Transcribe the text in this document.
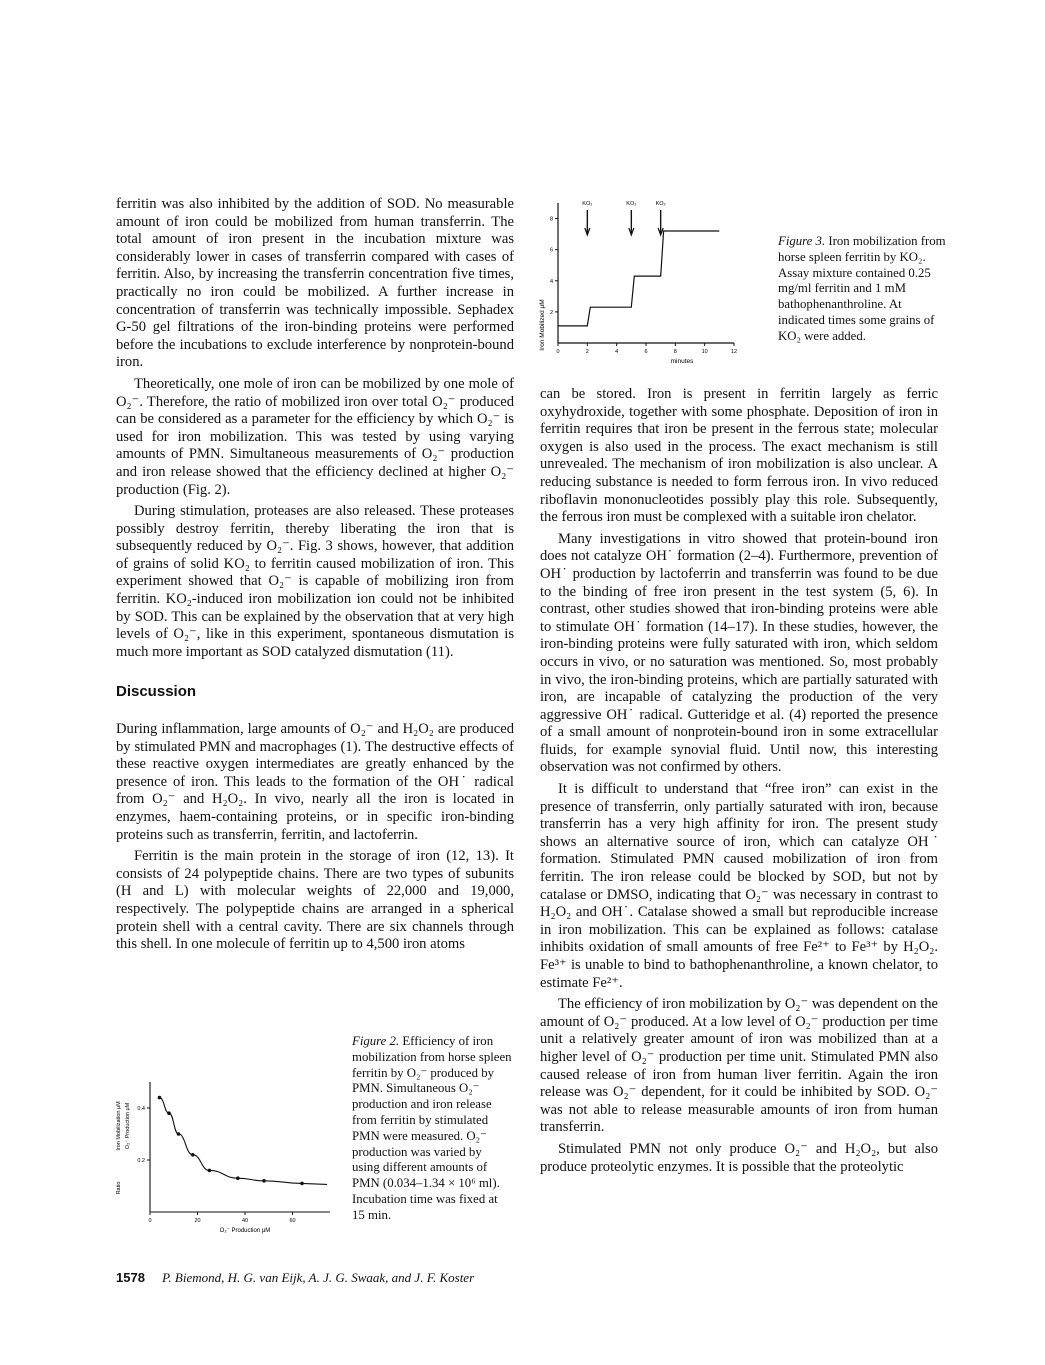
ferritin was also inhibited by the addition of SOD. No measurable amount of iron could be mobilized from human transferrin. The total amount of iron present in the incubation mixture was considerably lower in cases of transferrin compared with cases of ferritin. Also, by increasing the transferrin concentration five times, practically no iron could be mobilized. A further increase in concentration of transferrin was technically impossible. Sephadex G-50 gel filtrations of the iron-binding proteins were performed before the incubations to exclude interference by nonprotein-bound iron.

Theoretically, one mole of iron can be mobilized by one mole of O₂⁻. Therefore, the ratio of mobilized iron over total O₂⁻ produced can be considered as a parameter for the efficiency by which O₂⁻ is used for iron mobilization. This was tested by using varying amounts of PMN. Simultaneous measurements of O₂⁻ production and iron release showed that the efficiency declined at higher O₂⁻ production (Fig. 2).

During stimulation, proteases are also released. These proteases possibly destroy ferritin, thereby liberating the iron that is subsequently reduced by O₂⁻. Fig. 3 shows, however, that addition of grains of solid KO₂ to ferritin caused mobilization of iron. This experiment showed that O₂⁻ is capable of mobilizing iron from ferritin. KO₂-induced iron mobilization ion could not be inhibited by SOD. This can be explained by the observation that at very high levels of O₂⁻, like in this experiment, spontaneous dismutation is much more important as SOD catalyzed dismutation (11).

Discussion

During inflammation, large amounts of O₂⁻ and H₂O₂ are produced by stimulated PMN and macrophages (1). The destructive effects of these reactive oxygen intermediates are greatly enhanced by the presence of iron. This leads to the formation of the OH˙ radical from O₂⁻ and H₂O₂. In vivo, nearly all the iron is located in enzymes, haem-containing proteins, or in specific iron-binding proteins such as transferrin, ferritin, and lactoferrin.

Ferritin is the main protein in the storage of iron (12, 13). It consists of 24 polypeptide chains. There are two types of subunits (H and L) with molecular weights of 22,000 and 19,000, respectively. The polypeptide chains are arranged in a spherical protein shell with a central cavity. There are six channels through this shell. In one molecule of ferritin up to 4,500 iron atoms

can be stored. Iron is present in ferritin largely as ferric oxyhydroxide, together with some phosphate. Deposition of iron in ferritin requires that iron be present in the ferrous state; molecular oxygen is also used in the process. The exact mechanism is still unrevealed. The mechanism of iron mobilization is also unclear. A reducing substance is needed to form ferrous iron. In vivo reduced riboflavin mononucleotides possibly play this role. Subsequently, the ferrous iron must be complexed with a suitable iron chelator.

Many investigations in vitro showed that protein-bound iron does not catalyze OH˙ formation (2–4). Furthermore, prevention of OH˙ production by lactoferrin and transferrin was found to be due to the binding of free iron present in the test system (5, 6). In contrast, other studies showed that iron-binding proteins were able to stimulate OH˙ formation (14–17). In these studies, however, the iron-binding proteins were fully saturated with iron, which seldom occurs in vivo, or no saturation was mentioned. So, most probably in vivo, the iron-binding proteins, which are partially saturated with iron, are incapable of catalyzing the production of the very aggressive OH˙ radical. Gutteridge et al. (4) reported the presence of a small amount of nonprotein-bound iron in some extracellular fluids, for example synovial fluid. Until now, this interesting observation was not confirmed by others.

It is difficult to understand that “free iron” can exist in the presence of transferrin, only partially saturated with iron, because transferrin has a very high affinity for iron. The present study shows an alternative source of iron, which can catalyze OH˙ formation. Stimulated PMN caused mobilization of iron from ferritin. The iron release could be blocked by SOD, but not by catalase or DMSO, indicating that O₂⁻ was necessary in contrast to H₂O₂ and OH˙. Catalase showed a small but reproducible increase in iron mobilization. This can be explained as follows: catalase inhibits oxidation of small amounts of free Fe²⁺ to Fe³⁺ by H₂O₂. Fe³⁺ is unable to bind to bathophenanthroline, a known chelator, to estimate Fe²⁺.

The efficiency of iron mobilization by O₂⁻ was dependent on the amount of O₂⁻ produced. At a low level of O₂⁻ production per time unit a relatively greater amount of iron was mobilized than at a higher level of O₂⁻ production per time unit. Stimulated PMN also caused release of iron from human liver ferritin. Again the iron release was O₂⁻ dependent, for it could be inhibited by SOD. O₂⁻ was not able to release measurable amounts of iron from human transferrin.

Stimulated PMN not only produce O₂⁻ and H₂O₂, but also produce proteolytic enzymes. It is possible that the proteolytic

0	2	4	6	8	10	12
2
4
6
8
KO₂	KO₂	KO₂
Iron Mobilized μM
minutes
Figure 3. Iron mobilization from horse spleen ferritin by KO₂. Assay mixture contained 0.25 mg/ml ferritin and 1 mM bathophenanthroline. At indicated times some grains of KO₂ were added.
0	20	40	60
0.2
0.4
Ratio
Iron Mobilization μM O₂⁻ Production μM
O₂⁻ Production μM
Figure 2. Efficiency of iron mobilization from horse spleen ferritin by O₂⁻ produced by PMN. Simultaneous O₂⁻ production and iron release from ferritin by stimulated PMN were measured. O₂⁻ production was varied by using different amounts of PMN (0.034–1.34 × 10⁶ ml). Incubation time was fixed at 15 min.
1578 P. Biemond, H. G. van Eijk, A. J. G. Swaak, and J. F. Koster
